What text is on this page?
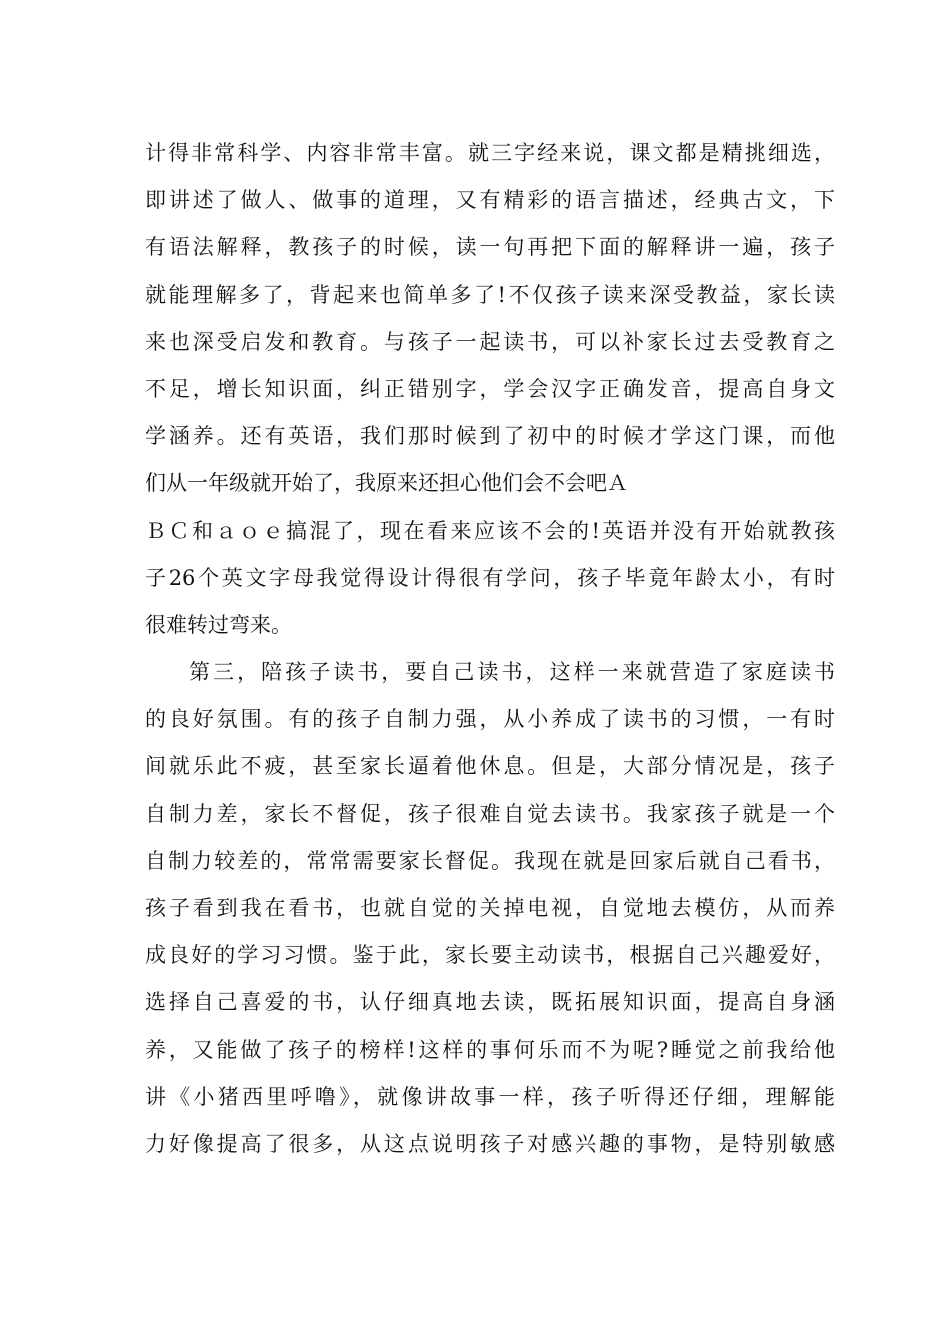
计得非常科学、内容非常丰富。就三字经来说，课文都是精挑细选，
即讲述了做人、做事的道理，又有精彩的语言描述，经典古文，下
有语法解释，教孩子的时候，读一句再把下面的解释讲一遍，孩子
就能理解多了，背起来也简单多了!不仅孩子读来深受教益，家长读
来也深受启发和教育。与孩子一起读书，可以补家长过去受教育之
不足，增长知识面，纠正错别字，学会汉字正确发音，提高自身文
学涵养。还有英语，我们那时候到了初中的时候才学这门课，而他
们从一年级就开始了，我原来还担心他们会不会吧Ａ
ＢＣ和ａｏｅ搞混了，现在看来应该不会的!英语并没有开始就教孩
子26个英文字母我觉得设计得很有学问，孩子毕竟年龄太小，有时
很难转过弯来。
第三，陪孩子读书，要自己读书，这样一来就营造了家庭读书
的良好氛围。有的孩子自制力强，从小养成了读书的习惯，一有时
间就乐此不疲，甚至家长逼着他休息。但是，大部分情况是，孩子
自制力差，家长不督促，孩子很难自觉去读书。我家孩子就是一个
自制力较差的，常常需要家长督促。我现在就是回家后就自己看书，
孩子看到我在看书，也就自觉的关掉电视，自觉地去模仿，从而养
成良好的学习习惯。鉴于此，家长要主动读书，根据自己兴趣爱好，
选择自己喜爱的书，认仔细真地去读，既拓展知识面，提高自身涵
养，又能做了孩子的榜样!这样的事何乐而不为呢?睡觉之前我给他
讲《小猪西里呼噜》，就像讲故事一样，孩子听得还仔细，理解能
力好像提高了很多，从这点说明孩子对感兴趣的事物，是特别敏感
